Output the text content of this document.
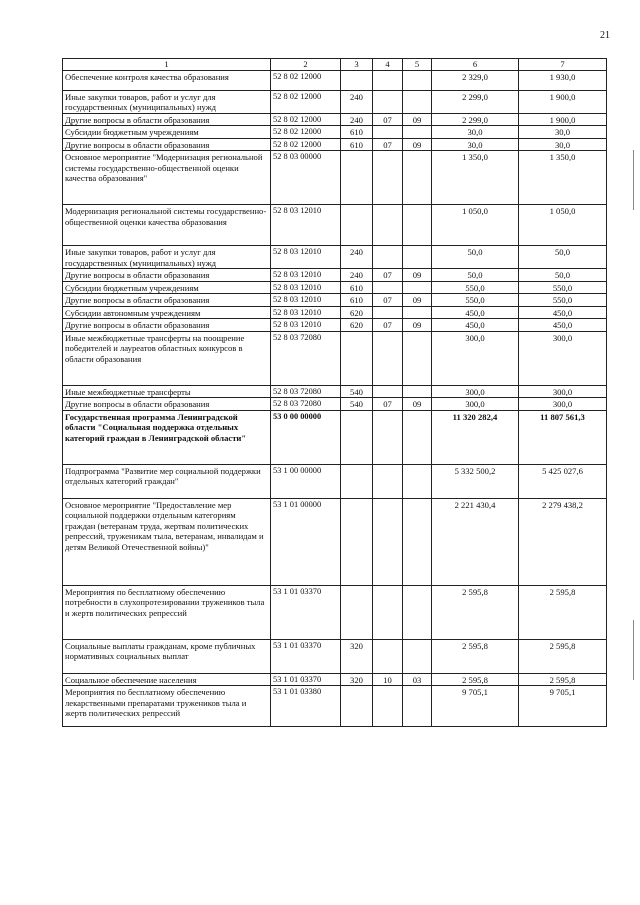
21
1	2	3	4	5	6	7
Обеспечение контроля качества образования	52 8 02 12000				2 329,0	1 930,0
Иные закупки товаров, работ и услуг для государственных (муниципальных) нужд	52 8 02 12000	240			2 299,0	1 900,0
Другие вопросы в области образования	52 8 02 12000	240	07	09	2 299,0	1 900,0
Субсидии бюджетным учреждениям	52 8 02 12000	610			30,0	30,0
Другие вопросы в области образования	52 8 02 12000	610	07	09	30,0	30,0
Основное мероприятие "Модернизация региональной системы государственно-общественной оценки качества образования"	52 8 03 00000				1 350,0	1 350,0
Модернизация региональной системы государственно-общественной оценки качества образования	52 8 03 12010				1 050,0	1 050,0
Иные закупки товаров, работ и услуг для государственных (муниципальных) нужд	52 8 03 12010	240			50,0	50,0
Другие вопросы в области образования	52 8 03 12010	240	07	09	50,0	50,0
Субсидии бюджетным учреждениям	52 8 03 12010	610			550,0	550,0
Другие вопросы в области образования	52 8 03 12010	610	07	09	550,0	550,0
Субсидии автономным учреждениям	52 8 03 12010	620			450,0	450,0
Другие вопросы в области образования	52 8 03 12010	620	07	09	450,0	450,0
Иные межбюджетные трансферты на поощрение победителей и лауреатов областных конкурсов в области образования	52 8 03 72080				300,0	300,0
Иные межбюджетные трансферты	52 8 03 72080	540			300,0	300,0
Другие вопросы в области образования	52 8 03 72080	540	07	09	300,0	300,0
Государственная программа Ленинградской области "Социальная поддержка отдельных категорий граждан в Ленинградской области"	53 0 00 00000				11 320 282,4	11 807 561,3
Подпрограмма "Развитие мер социальной поддержки отдельных категорий граждан"	53 1 00 00000				5 332 500,2	5 425 027,6
Основное мероприятие "Предоставление мер социальной поддержки отдельным категориям граждан (ветеранам труда, жертвам политических репрессий, труженикам тыла, ветеранам, инвалидам и детям Великой Отечественной войны)"	53 1 01 00000				2 221 430,4	2 279 438,2
Мероприятия по бесплатному обеспечению потребности в слухопротезировании тружеников тыла и жертв политических репрессий	53 1 01 03370				2 595,8	2 595,8
Социальные выплаты гражданам, кроме публичных нормативных социальных выплат	53 1 01 03370	320			2 595,8	2 595,8
Социальное обеспечение населения	53 1 01 03370	320	10	03	2 595,8	2 595,8
Мероприятия по бесплатному обеспечению лекарственными препаратами тружеников тыла и жертв политических репрессий	53 1 01 03380				9 705,1	9 705,1
